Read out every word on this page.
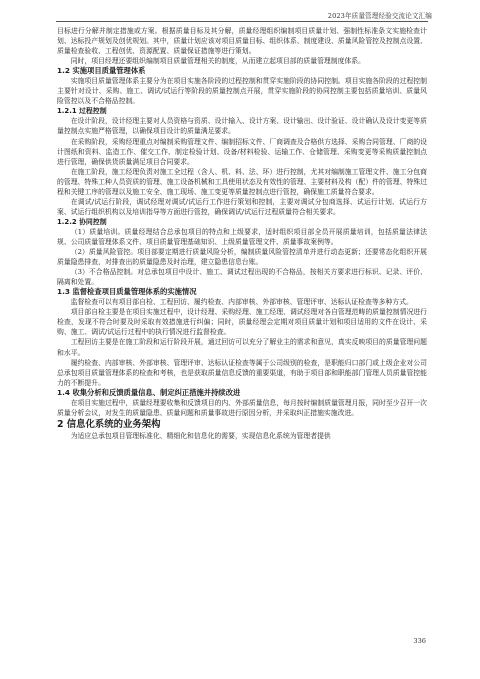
2023年质量管理经验交流论文汇编

目标进行分解并制定措施或方案。根据质量目标及其分解，质量经理组织编制项目质量计划、强制性标准条文实施检查计划、达标投产规划及创优规划。其中，质量计划应该对项目质量目标、组织体系、制度建设、质量风险管控及控制点设置、质量检查验收、工程创优、资源配置、质量保证措施等进行策划。

同时，项目经理还要组织编制项目质量管理相关的制度，从而建立起项目部的质量管理制度体系。

1.2 实施项目质量管理体系

实施项目质量管理体系主要分为在项目实施各阶段的过程控制和贯穿实施阶段的协同控制。项目实施各阶段的过程控制主要针对设计、采购、施工、调试/试运行等阶段的质量控制点开展，贯穿实施阶段的协同控制主要包括质量培训、质量风险管控以及不合格品控制。

1.2.1 过程控制

在设计阶段，设计经理主要对人员资格与资质、设计输入、设计方案、设计输出、设计验证、设计确认及设计变更等质量控制点实施严格管理，以确保项目设计的质量满足要求。

在采购阶段，采购经理重点对编制采购管理文件、编制招标文件、厂商调查及合格供方选择、采购合同管理、厂商的设计图纸和资料、监造工作、催交工作、制定检验计划、设备/材料检验、运输工作、仓储管理、采购变更等采购质量控制点进行管理，确保供货质量满足项目合同要求。

在施工阶段，施工经理负责对施工全过程（含人、机、料、法、环）进行控制，尤其对编制施工管理文件、施工分包商的管理、特殊工种人员资质的管理、施工设备机械和工具使用状态及有效性的管理、主要材料及构（配）件的管理、特殊过程和关键工序的管理以及施工安全、施工现场、施工变更等质量控制点进行管控，确保施工质量符合要求。

在调试/试运行阶段，调试经理对调试/试运行工作进行策划和控制，主要对调试分包商选择、试运行计划、试运行方案、试运行组织机构以及培训指导等方面进行管控，确保调试/试运行过程质量符合相关要求。

1.2.2 协同控制

（1）质量培训。质量经理结合总承包项目的特点和上级要求，适时组织项目部全员开展质量培训，包括质量法律法规、公司质量管理体系文件、项目质量管理基础知识、上级质量管理文件、质量事故案例等。

（2）质量风险管控。项目部要定期进行质量风险分析，编制质量风险管控清单并进行动态更新；还要常态化组织开展质量隐患排查，对排查出的质量隐患及时治理，建立隐患信息台账。

（3）不合格品控制。对总承包项目中设计、施工、调试过程出现的不合格品，按相关方要求进行标识、记录、评价、隔离和处置。

1.3 监督检查项目质量管理体系的实施情况

监督检查可以有项目部自检、工程回访、履约检查、内部审核、外部审核、管理评审、达标认证检查等多种方式。

项目部自检主要是在项目实施过程中，设计经理、采购经理、施工经理、调试经理对各自管理范畴的质量控制情况进行检查，发现不符合时要及时采取有效措施进行纠偏；同时，质量经理会定期对项目质量计划和项目适用的文件在设计、采购、施工、调试/试运行过程中的执行情况进行监督检查。

工程回访主要是在施工阶段和运行阶段开展，通过回访可以充分了解业主的需求和意见，真实反映项目的质量管理问题和水平。

履约检查、内部审核、外部审核、管理评审、达标认证检查等属于公司级别的检查，是职能归口部门或上级企业对公司总承包项目质量管理体系的检查和考核，也是获取质量信息反馈的重要渠道，有助于项目部和职能部门管理人员质量管控能力的不断提升。

1.4 收集分析和反馈质量信息、制定纠正措施并持续改进

在项目实施过程中，质量经理要收集和反馈项目的内、外部质量信息，每月按时编制质量管理月报，同时至少召开一次质量分析会议，对发生的质量隐患、质量问题和质量事故进行原因分析，并采取纠正措施实施改进。

2 信息化系统的业务架构

为适应总承包项目管理标准化、精细化和信息化的需要，实现信息化系统为管理者提供

336
